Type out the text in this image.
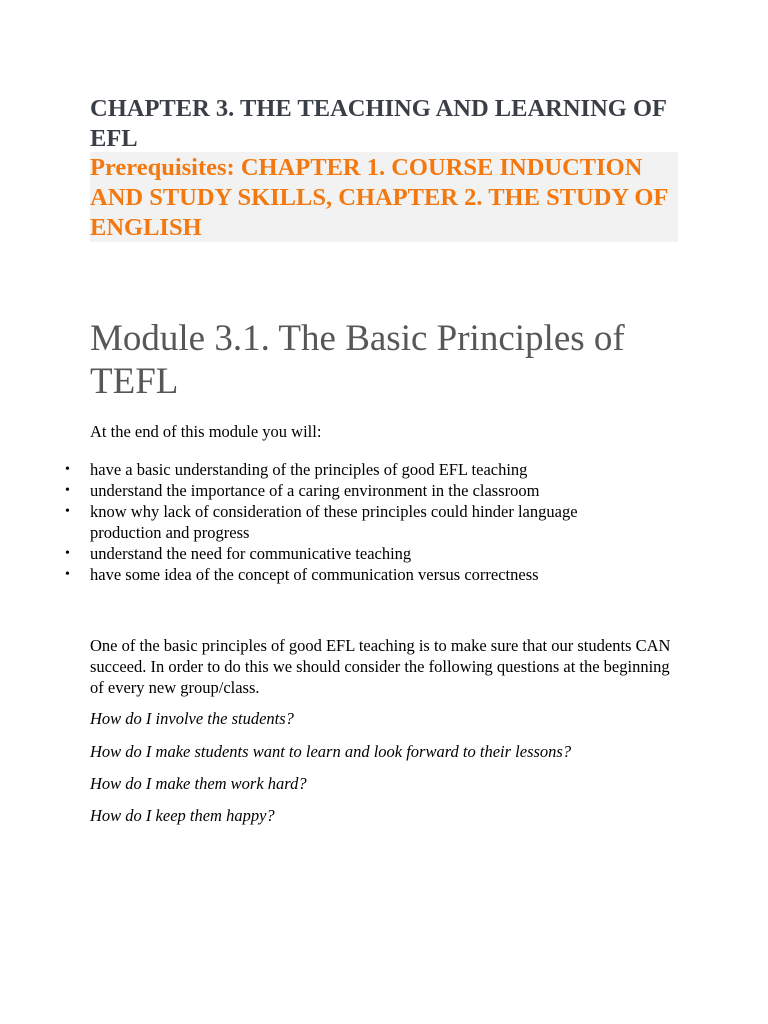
CHAPTER 3. THE TEACHING AND LEARNING OF EFL

Prerequisites: CHAPTER 1. COURSE INDUCTION AND STUDY SKILLS, CHAPTER 2. THE STUDY OF ENGLISH

Module 3.1. The Basic Principles of TEFL

At the end of this module you will:

• have a basic understanding of the principles of good EFL teaching
• understand the importance of a caring environment in the classroom
• know why lack of consideration of these principles could hinder language production and progress
• understand the need for communicative teaching
• have some idea of the concept of communication versus correctness

One of the basic principles of good EFL teaching is to make sure that our students CAN succeed. In order to do this we should consider the following questions at the beginning of every new group/class.

How do I involve the students?

How do I make students want to learn and look forward to their lessons?

How do I make them work hard?

How do I keep them happy?
